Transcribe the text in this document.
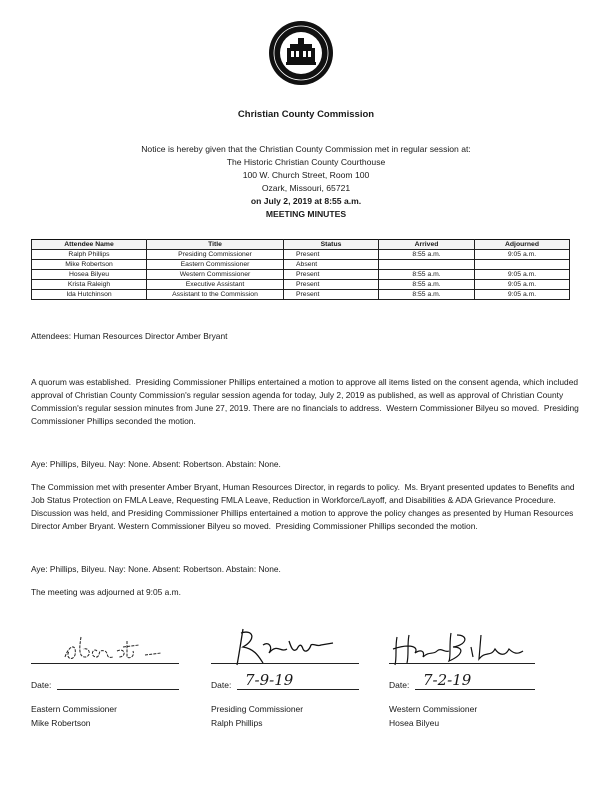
Christian County Commission
Notice is hereby given that the Christian County Commission met in regular session at:
The Historic Christian County Courthouse
100 W. Church Street, Room 100
Ozark, Missouri, 65721
on July 2, 2019 at 8:55 a.m.
MEETING MINUTES
Attendee Name	Title	Status	Arrived	Adjourned
Ralph Phillips	Presiding Commissioner	Present	8:55 a.m.	9:05 a.m.
Mike Robertson	Eastern Commissioner	Absent		
Hosea Bilyeu	Western Commissioner	Present	8:55 a.m.	9:05 a.m.
Krista Raleigh	Executive Assistant	Present	8:55 a.m.	9:05 a.m.
Ida Hutchinson	Assistant to the Commission	Present	8:55 a.m.	9:05 a.m.
Attendees: Human Resources Director Amber Bryant
A quorum was established.  Presiding Commissioner Phillips entertained a motion to approve all items listed on the consent agenda, which included approval of Christian County Commission's regular session agenda for today, July 2, 2019 as published, as well as approval of Christian County Commission's regular session minutes from June 27, 2019. There are no financials to address.  Western Commissioner Bilyeu so moved.  Presiding Commissioner Phillips seconded the motion.
Aye: Phillips, Bilyeu. Nay: None. Absent: Robertson. Abstain: None.
The Commission met with presenter Amber Bryant, Human Resources Director, in regards to policy.  Ms. Bryant presented updates to Benefits and Job Status Protection on FMLA Leave, Requesting FMLA Leave, Reduction in Workforce/Layoff, and Disabilities & ADA Grievance Procedure.  Discussion was held, and Presiding Commissioner Phillips entertained a motion to approve the policy changes as presented by Human Resources Director Amber Bryant. Western Commissioner Bilyeu so moved.  Presiding Commissioner Phillips seconded the motion.
Aye: Phillips, Bilyeu. Nay: None. Absent: Robertson. Abstain: None.
The meeting was adjourned at 9:05 a.m.
Date:
Eastern Commissioner
Mike Robertson
Date: 7-9-19
Presiding Commissioner
Ralph Phillips
Date: 7-2-19
Western Commissioner
Hosea Bilyeu
